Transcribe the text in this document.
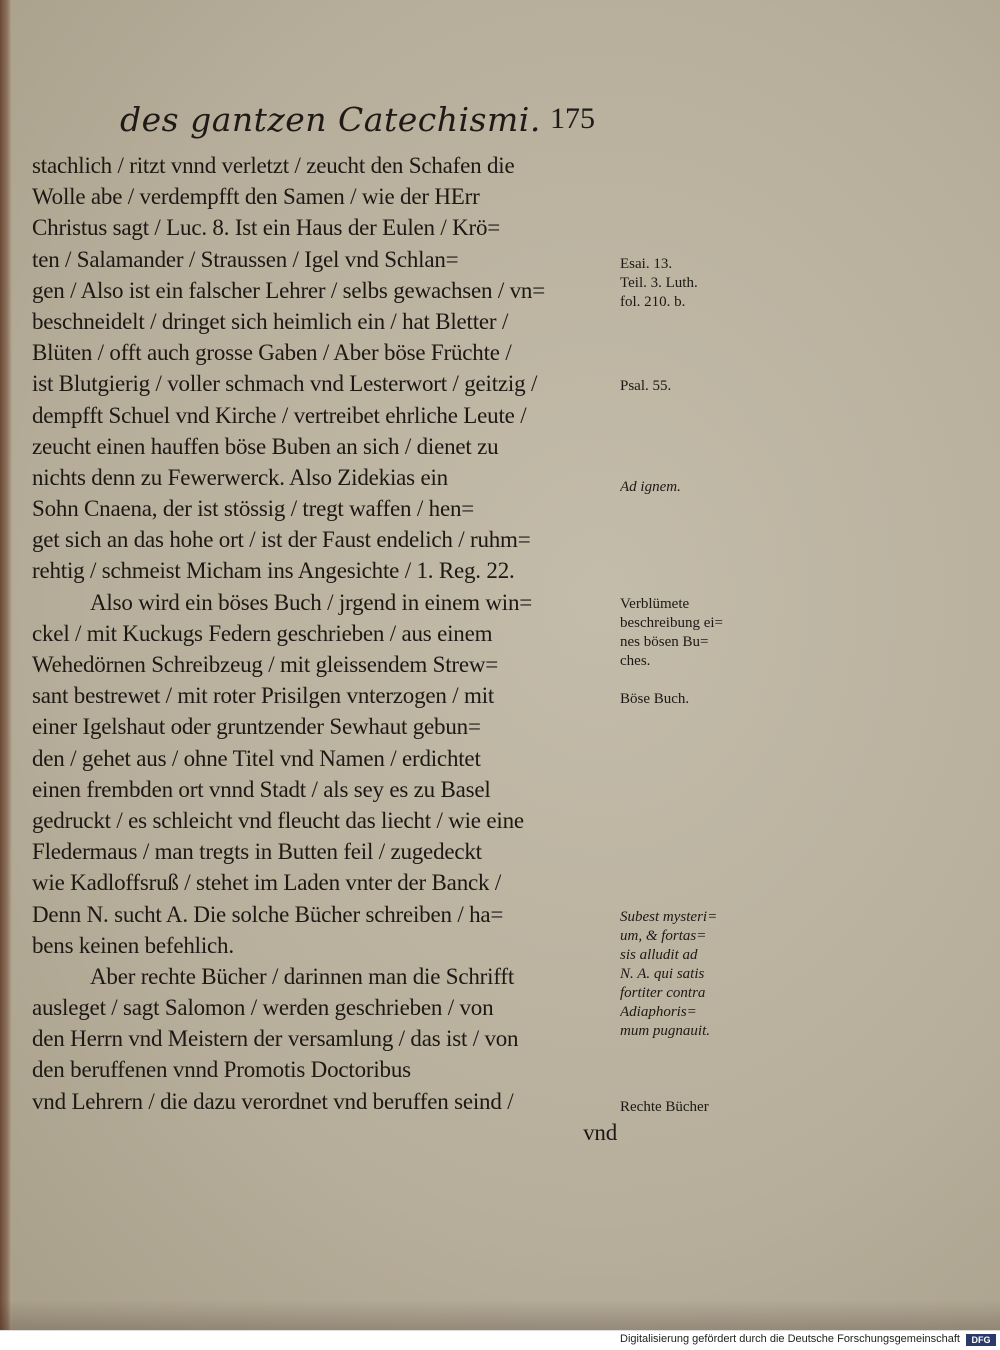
des gantzen Catechismi. 175
stachlich / ritzt vnnd verletzt / zeucht den Schafen die
Wolle abe / verdempfft den Samen / wie der HErr
Christus sagt / Luc. 8. Ist ein Haus der Eulen / Krö=
ten / Salamander / Straussen / Igel vnd Schlan=
gen / Also ist ein falscher Lehrer / selbs gewachsen / vn=
beschneidelt / dringet sich heimlich ein / hat Bletter /
Blüten / offt auch grosse Gaben / Aber böse Früchte /
ist Blutgierig / voller schmach vnd Lesterwort / geitzig /
dempfft Schuel vnd Kirche / vertreibet ehrliche Leute /
zeucht einen hauffen böse Buben an sich / dienet zu
nichts denn zu Fewerwerck. Also Zidekias ein
Sohn Cnaena, der ist stössig / tregt waffen / hen=
get sich an das hohe ort / ist der Faust endelich / ruhm=
rehtig / schmeist Micham ins Angesichte / 1. Reg. 22.
Also wird ein böses Buch / jrgend in einem win=
ckel / mit Kuckugs Federn geschrieben / aus einem
Wehedörnen Schreibzeug / mit gleissendem Strew=
sant bestrewet / mit roter Prisilgen vnterzogen / mit
einer Igelshaut oder gruntzender Sewhaut gebun=
den / gehet aus / ohne Titel vnd Namen / erdichtet
einen frembden ort vnnd Stadt / als sey es zu Basel
gedruckt / es schleicht vnd fleucht das liecht / wie eine
Fledermaus / man tregts in Butten feil / zugedeckt
wie Kadloffsruß / stehet im Laden vnter der Banck /
Denn N. sucht A. Die solche Bücher schreiben / ha=
bens keinen befehlich.
Aber rechte Bücher / darinnen man die Schrifft
ausleget / sagt Salomon / werden geschrieben / von
den Herrn vnd Meistern der versamlung / das ist / von
den beruffenen vnnd Promotis Doctoribus
vnd Lehrern / die dazu verordnet vnd beruffen seind /
vnd
Esai. 13.
Teil. 3. Luth.
fol. 210. b.
Psal. 55.
Ad ignem.
Verblümete
beschreibung ei=
nes bösen Bu=
ches.
Böse Buch.
Subest mysteri=
um, & fortas=
sis alludit ad
N. A. qui satis
fortiter contra
Adiaphoris=
mum pugnauit.
Rechte Bücher
Digitalisierung gefördert durch die Deutsche Forschungsgemeinschaft	DFG
